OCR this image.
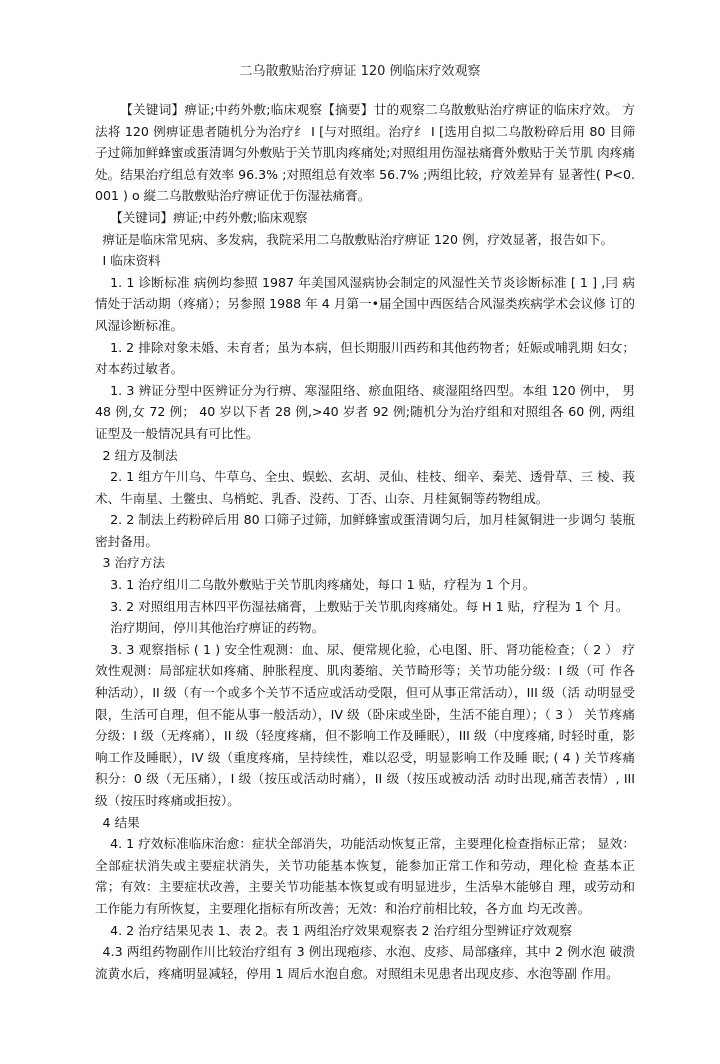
二乌散敷贴治疗痹证 120 例临床疗效观察

【关键词】痹证;中药外敷;临床观察【摘要】廿的观察二乌散敷贴治疗痹证的临床疗效。 方法将 120 例痹证患者随机分为治疗纟 I [与对照组。治疗纟 I [选用自拟二乌散粉碎后用 80 目筛 子过筛加鲜蜂蜜或蛋清调匀外敷贴于关节肌肉疼痛处;对照组用伤湿祛痛膏外敷贴于关节肌 肉疼痛处。结果治疗组总有效率 96.3% ;对照组总有效率 56.7% ;两组比较，疗效差异有 显著性( P<0.001 ) o 縦二乌散敷贴治疗痹证优于伤湿祛痛膏。

【关键词】痹证;中药外敷;临床观察

痹证是临床常见病、多发病，我院采用二乌散敷贴治疗痹证 120 例，疗效显著，报告如下。

I 临床资料

1. 1 诊断标准 病例均参照 1987 年美国风湿病协会制定的风湿性关节炎诊断标准 [ 1 ] ,冃 病情处于活动期（疼痛）；另参照 1988 年 4 月第一•届全国中西医结合风湿类疾病学术会议修 订的风湿诊断标准。

1. 2 排除对象未婚、未育者；虽为本病，但长期服川西药和其他药物者；妊娠或哺乳期 妇女；对本药过敏者。

1. 3 辨证分型中医辨证分为行痹、寒湿阻络、瘀血阻络、痰湿阻络四型。本组 120 例中， 男 48 例,女 72 例； 40 岁以下者 28 例,>40 岁者 92 例;随机分为治疗组和对照组各 60 例, 两组证型及一般情况具有可比性。

2 纽方及制法

2. 1 组方午川乌、牛草乌、全虫、蜈蚣、玄胡、灵仙、桂枝、细辛、秦芜、透骨草、三 棱、莪术、牛南星、土鳖虫、乌梢蛇、乳香、没药、丁否、山奈、月桂氮铜等药物组成。

2. 2 制法上药粉碎后用 80 口筛子过筛，加鲜蜂蜜或蛋清调匀后，加月桂氮铜进一步调匀 装瓶密封备用。

3 治疗方法

3. 1 治疗组川二乌散外敷贴于关节肌肉疼痛处，每口 1 贴，疗程为 1 个月。

3. 2 对照组用吉林四平伤湿祛痛膏，上敷贴于关节肌肉疼痛处。每 H 1 贴，疗程为 1 个 月。

治疗期间，停川其他治疗痹证的药物。

3. 3 观察指标 ( 1 ) 安全性观测：血、尿、便常规化验，心电图、肝、肾功能检查；（ 2 ） 疗效性观测：局部症状如疼痛、肿胀程度、肌肉萎缩、关节畸形等；关节功能分级：I 级（可 作各种活动），II 级（有一个或多个关节不适应或活动受限，但可从事正常活动），III 级（活 动明显受限，生活可自理，但不能从事一般活动），IV 级（卧床或坐卧，生活不能自理）；（ 3 ） 关节疼痛分级：I 级（无疼痛），II 级（轻度疼痛，但不影响工作及睡眠），III 级（中度疼痛, 时轻时重，影响工作及睡眠），IV 级（重度疼痛，呈持续性，难以忍受，明显影响工作及睡 眠; ( 4 ) 关节疼痛积分：0 级（无压痛），I 级（按压或活动时痛），II 级（按压或被动活 动时出现,痛苦表情）, III 级（按压时疼痛或拒按）。

4 结果

4. 1 疗效标准临床治愈：症状全部消失，功能活动恢复正常，主要理化检查指标正常； 显效：全部症状消失或主要症状消失，关节功能基本恢复，能参加正常工作和劳动，理化检 查基本正常；有效：主要症状改善，主要关节功能基本恢复或有明显进步，生活皋木能够自 理，或劳动和工作能力有所恢复，主要理化指标有所改善；无效：和治疗前相比较，各方血 均无改善。

4. 2 治疗结果见表 1、表 2。表 1 两组治疗效果观察表 2 治疗组分型辨证疗效观察

4.3 两组药物副作川比较治疗组有 3 例出现疱疹、水泡、皮疹、局部瘙痒，其中 2 例水泡 破溃流黄水后，疼痛明显减轻，停用 1 周后水泡自愈。对照组未见患者出现皮疹、水泡等副 作用。
